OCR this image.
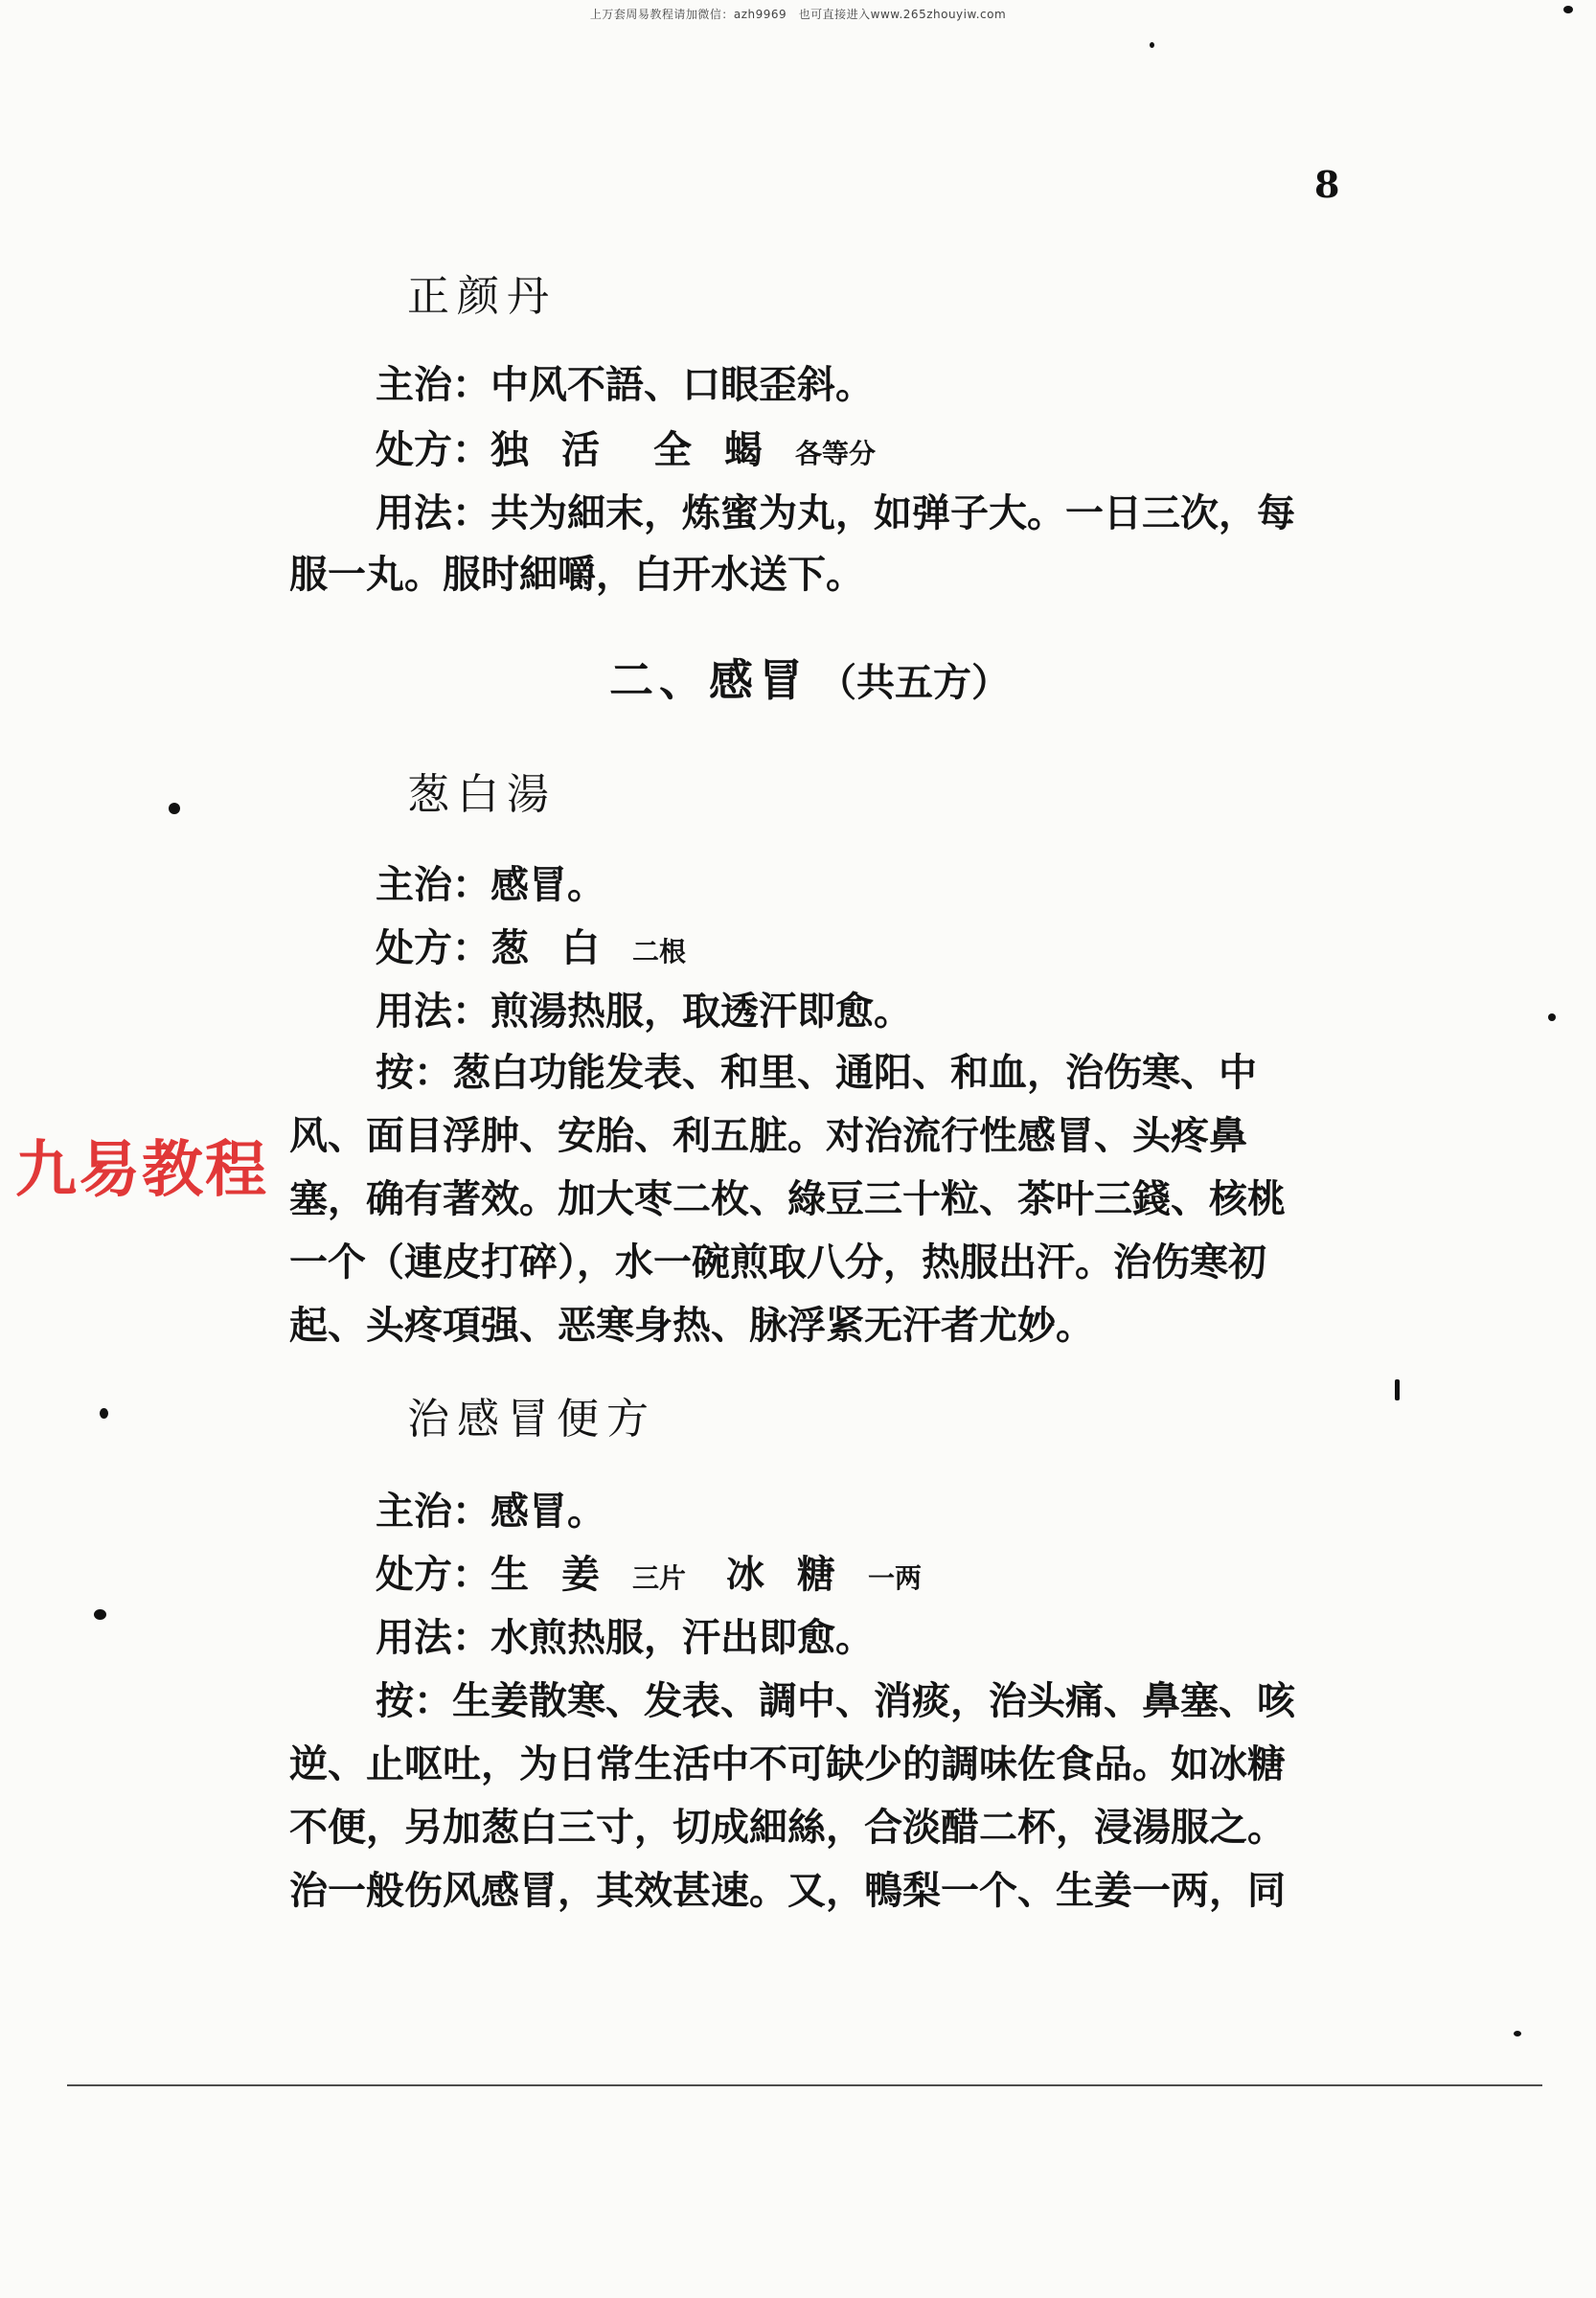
上万套周易教程请加微信：azh9969　也可直接进入www.265zhouyiw.com
8
正颜丹
主治：中风不語、口眼歪斜。
处方：独活 全蝎各等分
用法：共为細末，炼蜜为丸，如弹子大。一日三次，每
服一丸。服时細嚼，白开水送下。
二、感冒 （共五方）
葱白湯
主治：感冒。
处方：葱白二根
用法：煎湯热服，取透汗即愈。
按：葱白功能发表、和里、通阳、和血，治伤寒、中
风、面目浮肿、安胎、利五脏。对治流行性感冒、头疼鼻
塞，确有著效。加大枣二枚、綠豆三十粒、茶叶三錢、核桃
一个（連皮打碎），水一碗煎取八分，热服出汗。治伤寒初
起、头疼項强、恶寒身热、脉浮紧无汗者尤妙。
治感冒便方
主治：感冒。
处方：生姜三片 冰糖一两
用法：水煎热服，汗出即愈。
按：生姜散寒、发表、調中、消痰，治头痛、鼻塞、咳
逆、止呕吐，为日常生活中不可缺少的調味佐食品。如冰糖
不便，另加葱白三寸，切成細絲，合淡醋二杯，浸湯服之。
治一般伤风感冒，其效甚速。又，鴨梨一个、生姜一两，同
九易教程
